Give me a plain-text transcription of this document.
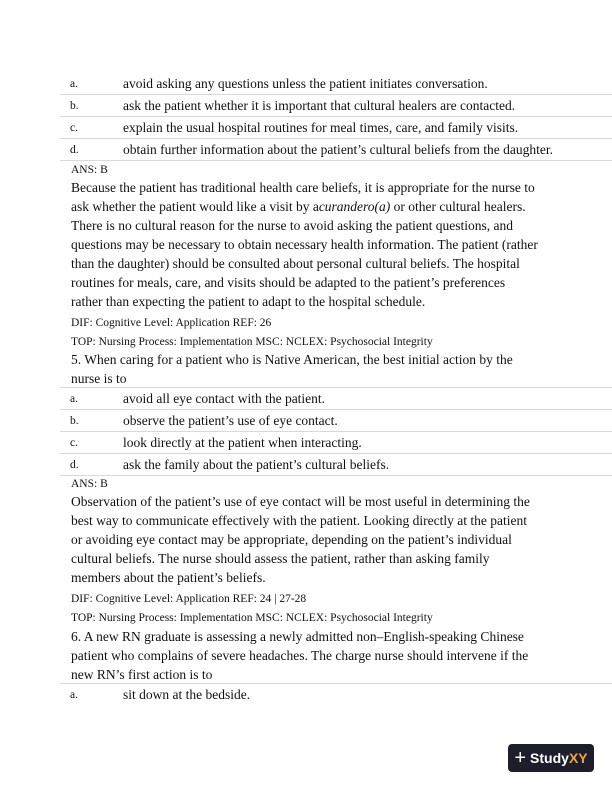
a.	avoid asking any questions unless the patient initiates conversation.
b.	ask the patient whether it is important that cultural healers are contacted.
c.	explain the usual hospital routines for meal times, care, and family visits.
d.	obtain further information about the patient’s cultural beliefs from the daughter.
ANS: B

Because the patient has traditional health care beliefs, it is appropriate for the nurse to

ask whether the patient would like a visit by acurandero(a) or other cultural healers.

There is no cultural reason for the nurse to avoid asking the patient questions, and

questions may be necessary to obtain necessary health information. The patient (rather

than the daughter) should be consulted about personal cultural beliefs. The hospital

routines for meals, care, and visits should be adapted to the patient’s preferences

rather than expecting the patient to adapt to the hospital schedule.

DIF: Cognitive Level: Application REF: 26
TOP: Nursing Process: Implementation MSC: NCLEX: Psychosocial Integrity

5. When caring for a patient who is Native American, the best initial action by the

nurse is to

a.	avoid all eye contact with the patient.
b.	observe the patient’s use of eye contact.
c.	look directly at the patient when interacting.
d.	ask the family about the patient’s cultural beliefs.
ANS: B

Observation of the patient’s use of eye contact will be most useful in determining the

best way to communicate effectively with the patient. Looking directly at the patient

or avoiding eye contact may be appropriate, depending on the patient’s individual

cultural beliefs. The nurse should assess the patient, rather than asking family

members about the patient’s beliefs.

DIF: Cognitive Level: Application REF: 24 | 27-28
TOP: Nursing Process: Implementation MSC: NCLEX: Psychosocial Integrity

6. A new RN graduate is assessing a newly admitted non–English-speaking Chinese

patient who complains of severe headaches. The charge nurse should intervene if the

new RN’s first action is to

a.	sit down at the bedside.
+ Study XY
